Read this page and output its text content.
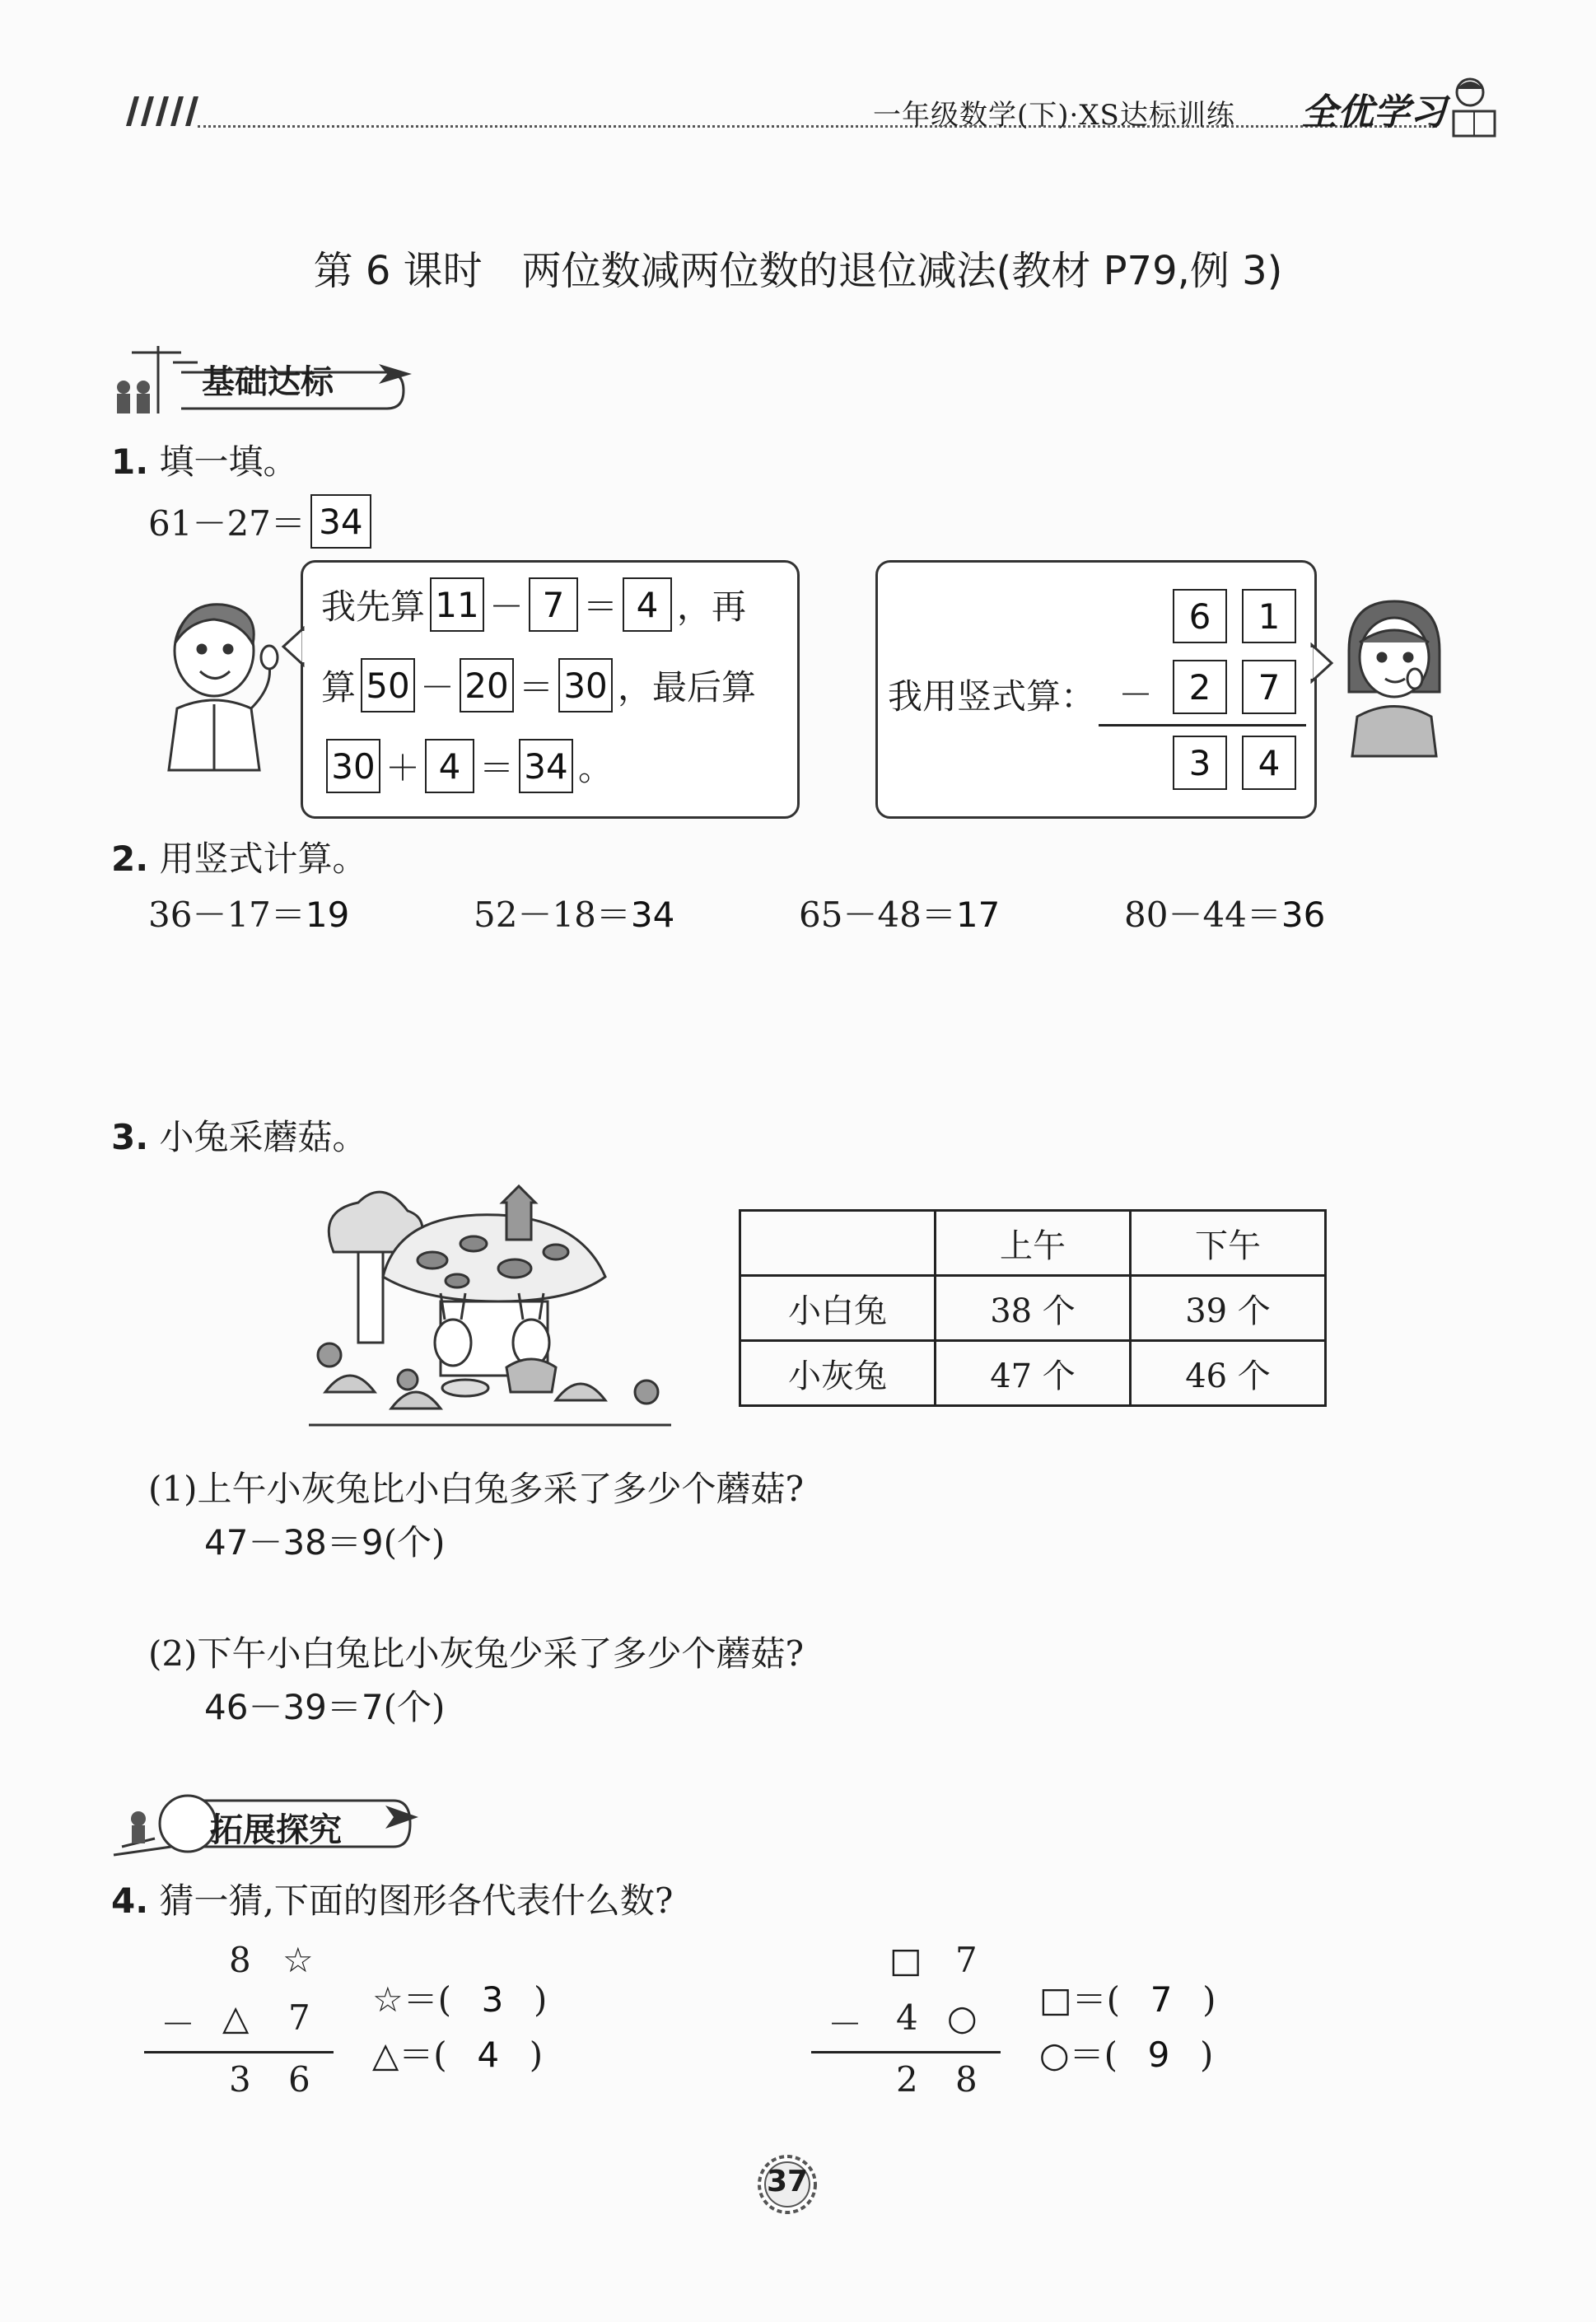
一年级数学(下)·XS达标训练 全优学习
第 6 课时　两位数减两位数的退位减法(教材 P79,例 3)
基础达标
1. 填一填。
61－27＝ 34
我先算 11 － 7 ＝ 4 ，再
算 50 － 20 ＝ 30 ，最后算
30 ＋ 4 ＝ 34 。
我用竖式算： －
6	1
2	7
3	4
2. 用竖式计算。
36－17＝19	52－18＝34	65－48＝17	80－44＝36
3. 小兔采蘑菇。
	上午	下午
小白兔	38 个	39 个
小灰兔	47 个	46 个
(1)上午小灰兔比小白兔多采了多少个蘑菇?
47－38＝9(个)
(2)下午小白兔比小灰兔少采了多少个蘑菇?
46－39＝7(个)
拓展探究
4. 猜一猜,下面的图形各代表什么数?
8 ☆
－ △ 7
3 6
☆＝( 3 )
△＝( 4 )
□ 7
－ 4 ○
2 8
□＝( 7 )
○＝( 9 )
37
